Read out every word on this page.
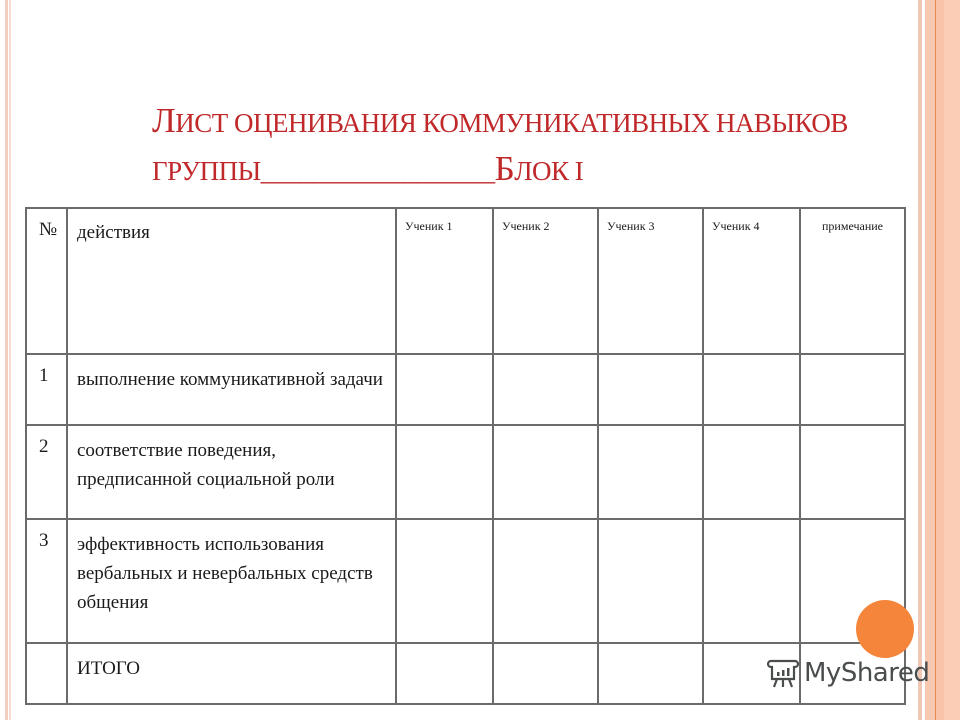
ЛИСТ ОЦЕНИВАНИЯ КОММУНИКАТИВНЫХ НАВЫКОВ
ГРУППЫ__________________БЛОК I
№	действия	Ученик 1	Ученик 2	Ученик 3	Ученик 4	примечание

1	выполнение коммуникативной задачи					

2	соответствие поведения, предписанной социальной роли					

3	эффективность использования вербальных и невербальных средств общения					

	ИТОГО					
						MyShared
